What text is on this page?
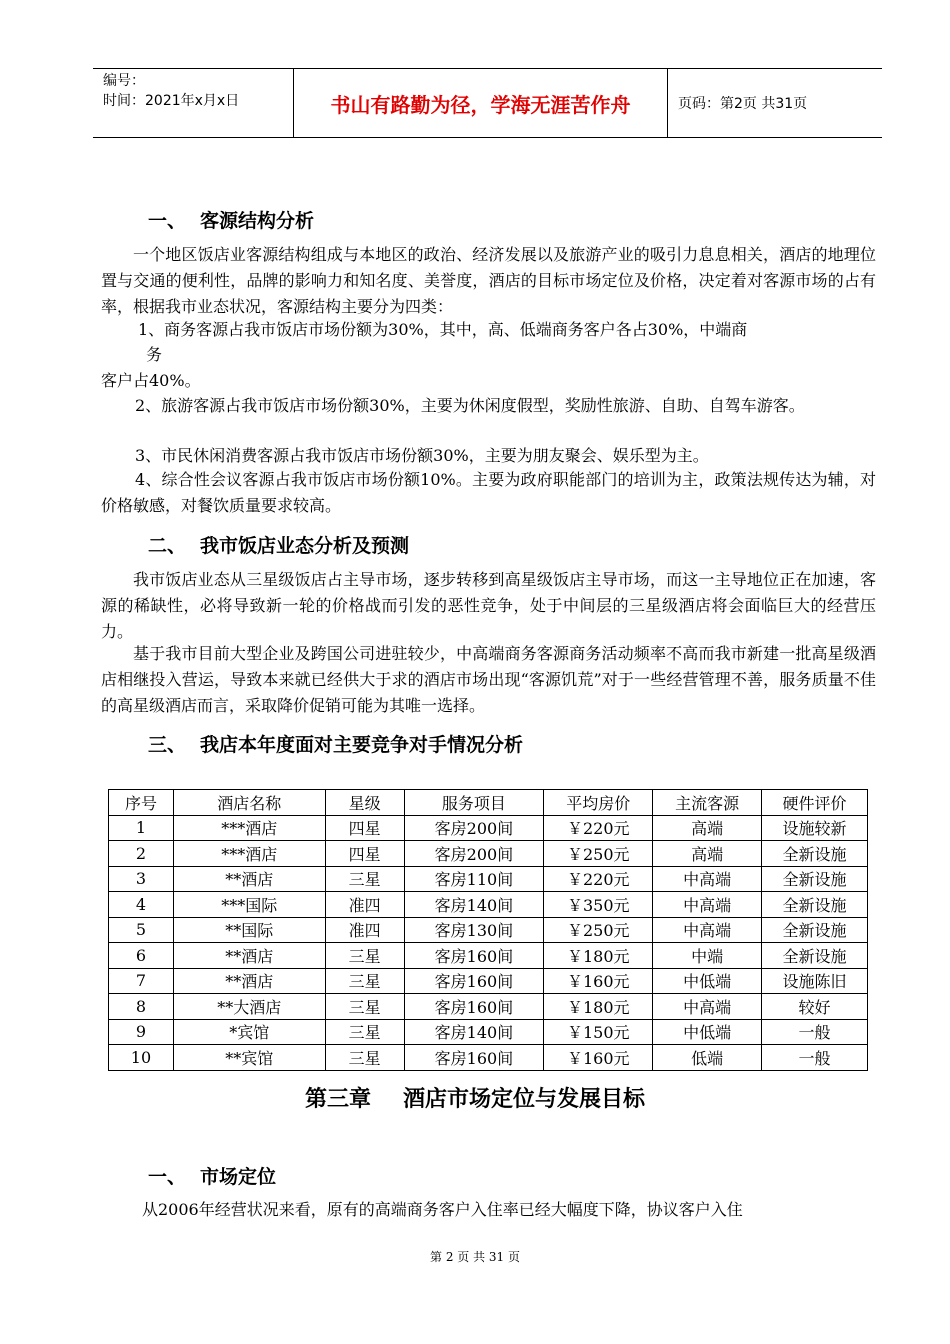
编号：
时间：2021年x月x日	书山有路勤为径，学海无涯苦作舟	页码：第2页 共31页
一、 客源结构分析
一个地区饭店业客源结构组成与本地区的政治、经济发展以及旅游产业的吸引力息息相关，酒店的地理位置与交通的便利性，品牌的影响力和知名度、美誉度，酒店的目标市场定位及价格，决定着对客源市场的占有率，根据我市业态状况，客源结构主要分为四类：
1、商务客源占我市饭店市场份额为30%，其中，高、低端商务客户各占30%，中端商
务
客户占40%。
2、旅游客源占我市饭店市场份额30%，主要为休闲度假型，奖励性旅游、自助、自驾车游客。
3、市民休闲消费客源占我市饭店市场份额30%，主要为朋友聚会、娱乐型为主。
4、综合性会议客源占我市饭店市场份额10%。主要为政府职能部门的培训为主，政策法规传达为辅，对价格敏感，对餐饮质量要求较高。
二、 我市饭店业态分析及预测
我市饭店业态从三星级饭店占主导市场，逐步转移到高星级饭店主导市场，而这一主导地位正在加速，客源的稀缺性，必将导致新一轮的价格战而引发的恶性竞争，处于中间层的三星级酒店将会面临巨大的经营压力。
基于我市目前大型企业及跨国公司进驻较少，中高端商务客源商务活动频率不高而我市新建一批高星级酒店相继投入营运，导致本来就已经供大于求的酒店市场出现“客源饥荒”对于一些经营管理不善，服务质量不佳的高星级酒店而言，采取降价促销可能为其唯一选择。
三、 我店本年度面对主要竞争对手情况分析
序号	酒店名称	星级	服务项目	平均房价	主流客源	硬件评价
1	***酒店	四星	客房200间	￥220元	高端	设施较新
2	***酒店	四星	客房200间	￥250元	高端	全新设施
3	**酒店	三星	客房110间	￥220元	中高端	全新设施
4	***国际	准四	客房140间	￥350元	中高端	全新设施
5	**国际	准四	客房130间	￥250元	中高端	全新设施
6	**酒店	三星	客房160间	￥180元	中端	全新设施
7	**酒店	三星	客房160间	￥160元	中低端	设施陈旧
8	**大酒店	三星	客房160间	￥180元	中高端	较好
9	*宾馆	三星	客房140间	￥150元	中低端	一般
10	**宾馆	三星	客房160间	￥160元	低端	一般
第三章 酒店市场定位与发展目标
一、 市场定位
从2006年经营状况来看，原有的高端商务客户入住率已经大幅度下降，协议客户入住
第 2 页 共 31 页
